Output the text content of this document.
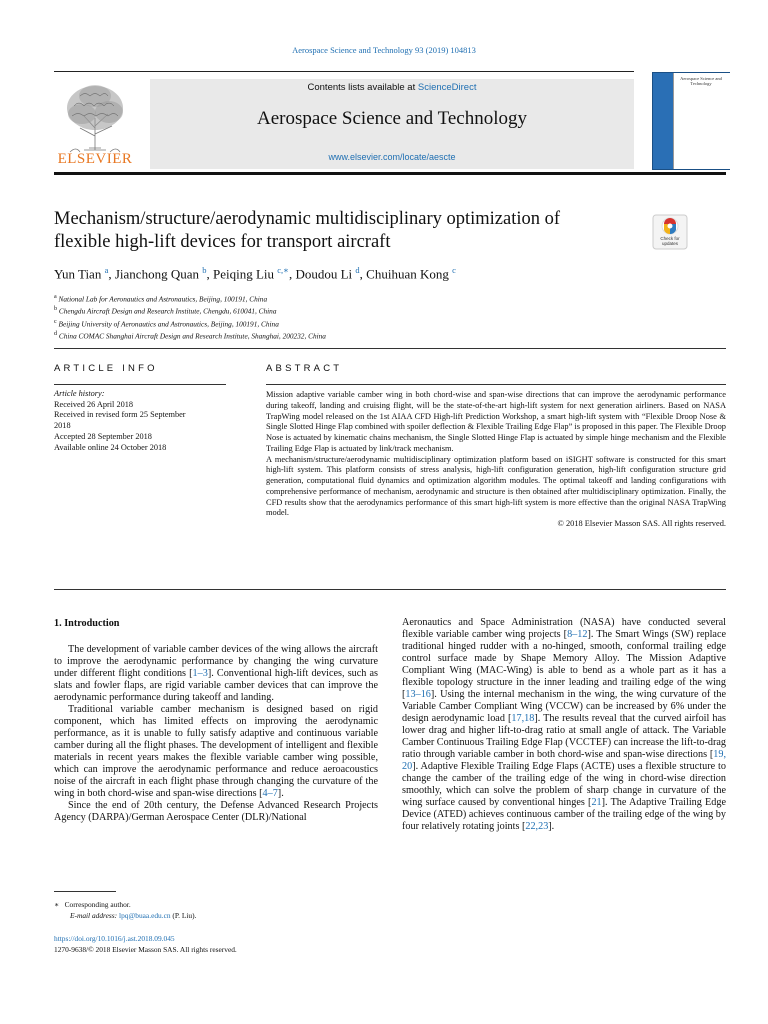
Aerospace Science and Technology 93 (2019) 104813
ELSEVIER
Contents lists available at ScienceDirect
Aerospace Science and Technology
www.elsevier.com/locate/aescte
Aerospace Science and Technology
Mechanism/structure/aerodynamic multidisciplinary optimization of
flexible high-lift devices for transport aircraft	Check for updates
Yun Tian $^a$, Jianchong Quan $^b$, Peiqing Liu $^{c,∗}$, Doudou Li $^d$, Chuihuan Kong $^c$
$^a$ National Lab for Aeronautics and Astronautics, Beijing, 100191, China
$^b$ Chengdu Aircraft Design and Research Institute, Chengdu, 610041, China
$^c$ Beijing University of Aeronautics and Astronautics, Beijing, 100191, China
$^d$ China COMAC Shanghai Aircraft Design and Research Institute, Shanghai, 200232, China
ARTICLE INFO	ABSTRACT
Article history:
Received 26 April 2018
Received in revised form 25 September
2018
Accepted 28 September 2018
Available online 24 October 2018

Mission adaptive variable camber wing in both chord-wise and span-wise directions that can improve the aerodynamic performance during takeoff, landing and cruising flight, will be the state-of-the-art high-lift system for next generation airliners. Based on NASA TrapWing model released on the 1st AIAA CFD High-lift Prediction Workshop, a smart high-lift system with “Flexible Droop Nose & Single Slotted Hinge Flap combined with spoiler deflection & Flexible Trailing Edge Flap” is proposed in this paper. The Flexible Droop Nose is actuated by kinematic chains mechanism, the Single Slotted Hinge Flap is actuated by simple hinge mechanism and the Flexible Trailing Edge Flap is actuated by link/track mechanism.

A mechanism/structure/aerodynamic multidisciplinary optimization platform based on iSIGHT software is constructed for this smart high-lift system. This platform consists of stress analysis, high-lift configuration generation, high-lift configuration structure grid generation, computational fluid dynamics and optimization algorithm modules. The optimal takeoff and landing configurations with comprehensive performance of mechanism, aerodynamic and structure is then obtained after multidisciplinary optimization. Finally, the CFD results show that the aerodynamics performance of this smart high-lift system is more effective than the original NASA TrapWing model.

© 2018 Elsevier Masson SAS. All rights reserved.

1. Introduction

The development of variable camber devices of the wing allows the aircraft to improve the aerodynamic performance by changing the wing curvature under different flight conditions [1–3]. Conventional high-lift devices, such as slats and fowler flaps, are rigid variable camber devices that can improve the aerodynamic performance during takeoff and landing.

Traditional variable camber mechanism is designed based on rigid component, which has limited effects on improving the aerodynamic performance, as it is unable to fully satisfy adaptive and continuous variable camber during all the flight phases. The development of intelligent and flexible materials in recent years makes the flexible variable camber wing possible, which can improve the aerodynamic performance and reduce aeroacoustics noise of the aircraft in each flight phase through changing the curvature of the wing in both chord-wise and span-wise directions [4–7].

Since the end of 20th century, the Defense Advanced Research Projects Agency (DARPA)/German Aerospace Center (DLR)/National

Aeronautics and Space Administration (NASA) have conducted several flexible variable camber wing projects [8–12]. The Smart Wings (SW) replace traditional hinged rudder with a no-hinged, smooth, conformal trailing edge control surface made by Shape Memory Alloy. The Mission Adaptive Compliant Wing (MAC-Wing) is able to bend as a whole part as it has a flexible topology structure in the inner leading and trailing edge of the wing [13–16]. Using the internal mechanism in the wing, the wing curvature of the Variable Camber Compliant Wing (VCCW) can be increased by 6% under the design aerodynamic load [17,18]. The results reveal that the curved airfoil has lower drag and higher lift-to-drag ratio at small angle of attack. The Variable Camber Continuous Trailing Edge Flap (VCCTEF) can increase the lift-to-drag ratio through variable camber in both chord-wise and span-wise directions [19, 20]. Adaptive Flexible Trailing Edge Flaps (ACTE) uses a flexible structure to change the camber of the trailing edge of the wing in chord-wise direction smoothly, which can solve the problem of sharp change in curvature of the wing surface caused by conventional hinges [21]. The Adaptive Trailing Edge Device (ATED) achieves continuous camber of the trailing edge of the wing by four relatively rotating joints [22,23].

∗ Corresponding author.
E-mail address: lpq@buaa.edu.cn (P. Liu).
https://doi.org/10.1016/j.ast.2018.09.045
1270-9638/© 2018 Elsevier Masson SAS. All rights reserved.
